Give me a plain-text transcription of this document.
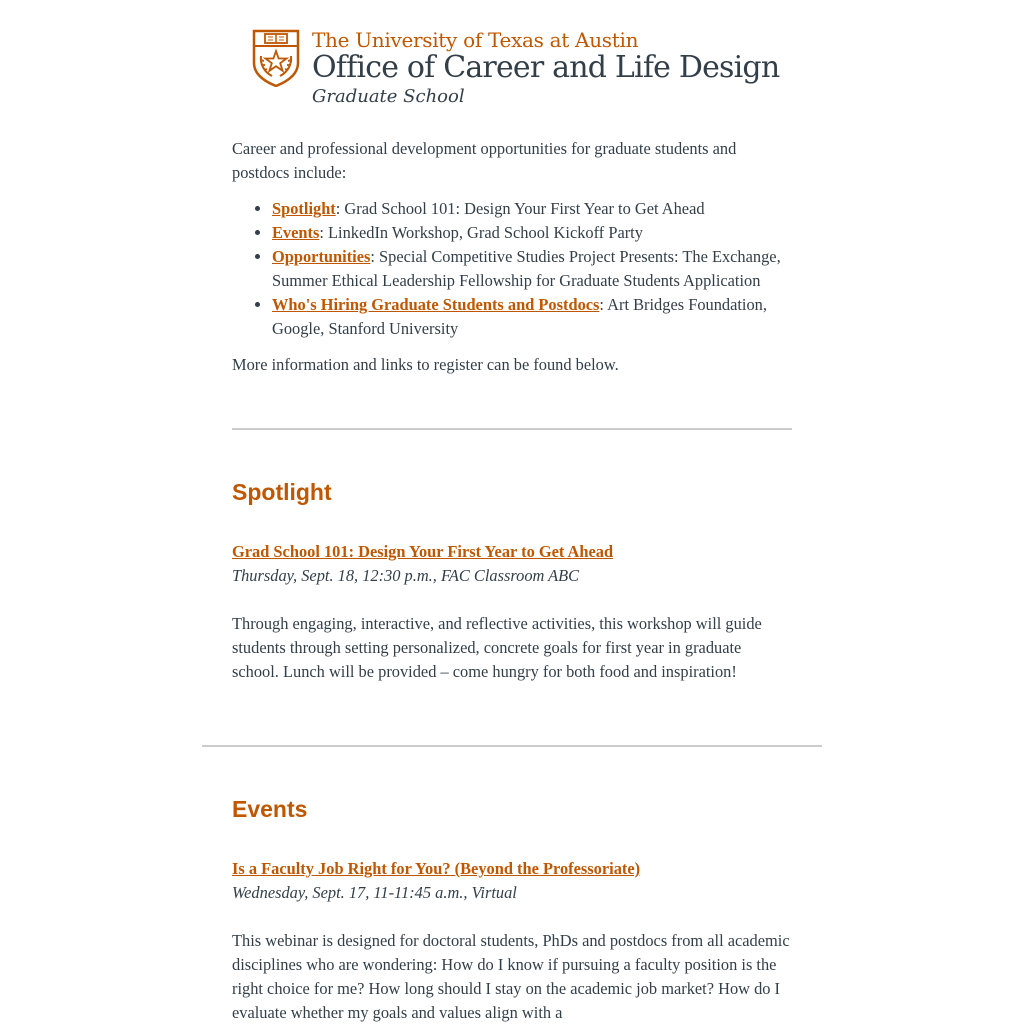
The University of Texas at Austin
Office of Career and Life Design
Graduate School

Career and professional development opportunities for graduate students and postdocs include:

• Spotlight: Grad School 101: Design Your First Year to Get Ahead
• Events: LinkedIn Workshop, Grad School Kickoff Party
• Opportunities: Special Competitive Studies Project Presents: The Exchange, Summer Ethical Leadership Fellowship for Graduate Students Application
• Who's Hiring Graduate Students and Postdocs: Art Bridges Foundation, Google, Stanford University

More information and links to register can be found below.

Spotlight

Grad School 101: Design Your First Year to Get Ahead

Thursday, Sept. 18, 12:30 p.m., FAC Classroom ABC

Through engaging, interactive, and reflective activities, this workshop will guide students through setting personalized, concrete goals for first year in graduate school. Lunch will be provided – come hungry for both food and inspiration!

Events

Is a Faculty Job Right for You? (Beyond the Professoriate)

Wednesday, Sept. 17, 11-11:45 a.m., Virtual

This webinar is designed for doctoral students, PhDs and postdocs from all academic disciplines who are wondering: How do I know if pursuing a faculty position is the right choice for me? How long should I stay on the academic job market? How do I evaluate whether my goals and values align with a
